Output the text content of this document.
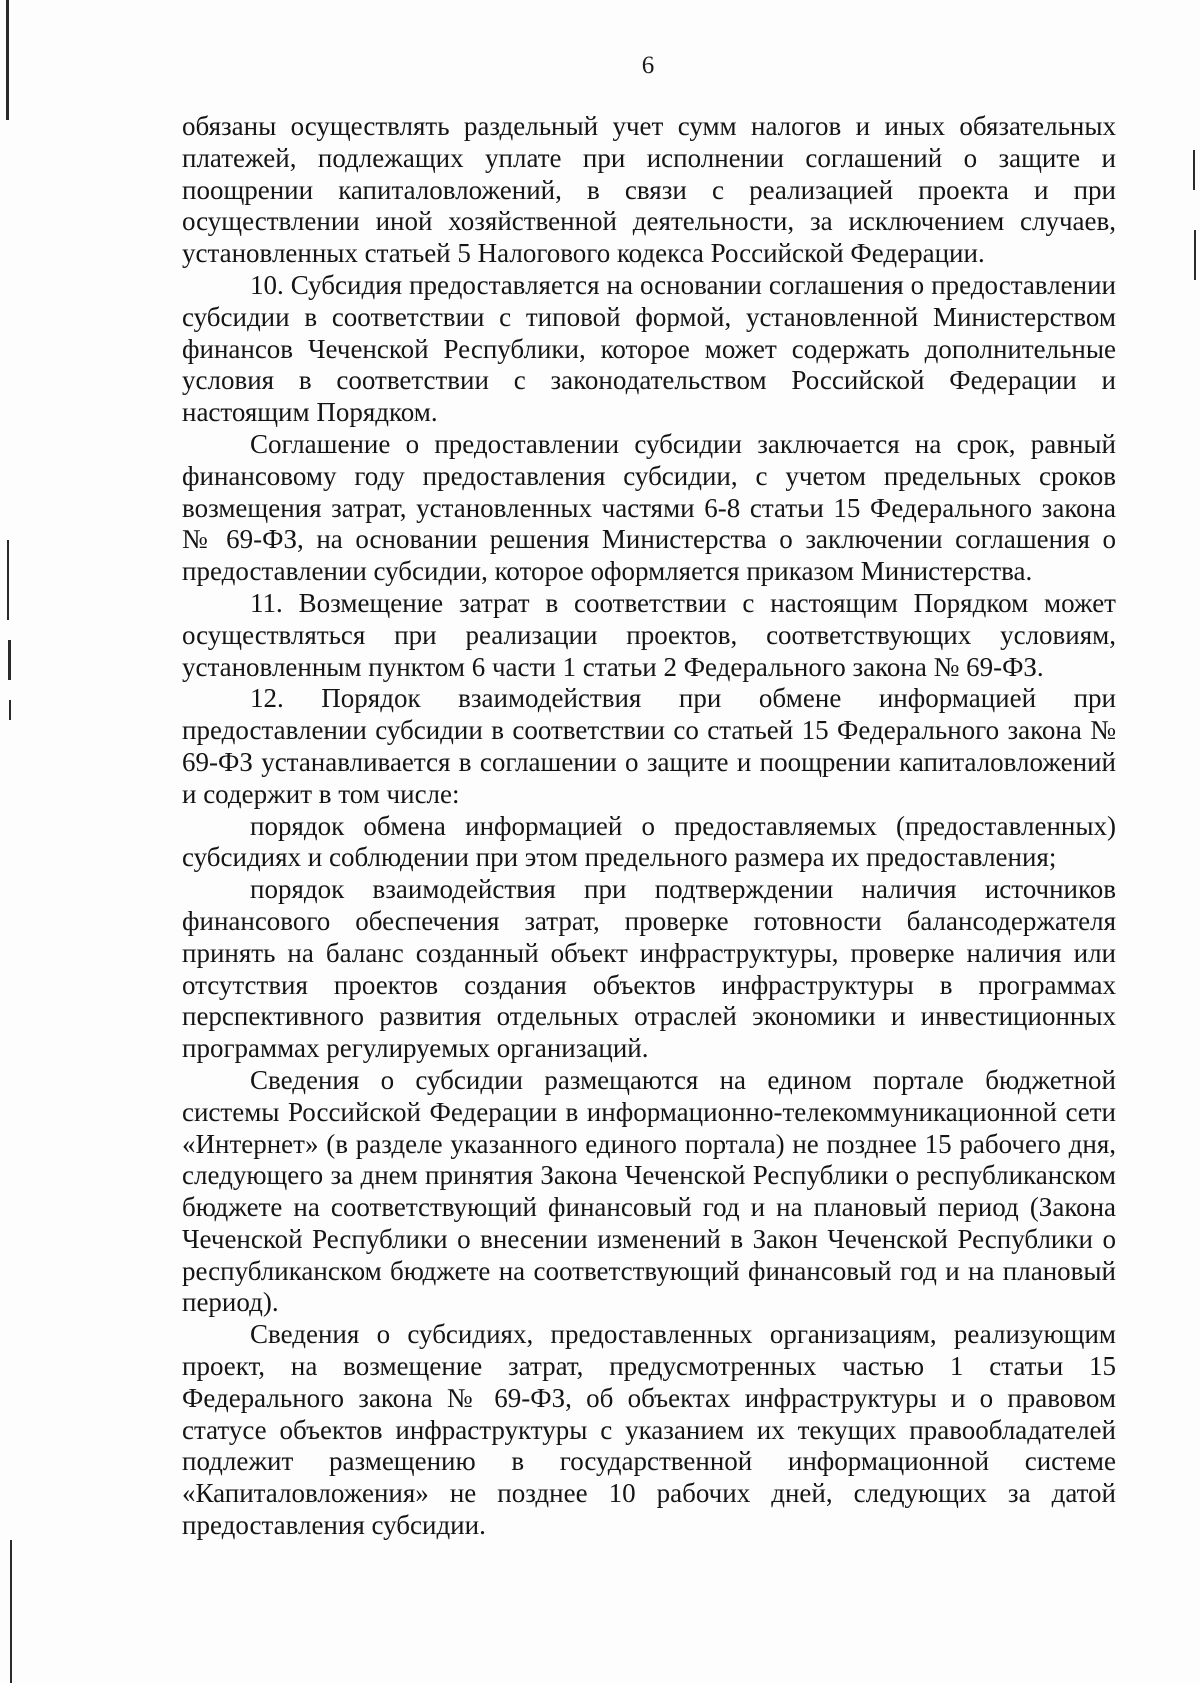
6

обязаны осуществлять раздельный учет сумм налогов и иных обязательных платежей, подлежащих уплате при исполнении соглашений о защите и поощрении капиталовложений, в связи с реализацией проекта и при осуществлении иной хозяйственной деятельности, за исключением случаев, установленных статьей 5 Налогового кодекса Российской Федерации.

10. Субсидия предоставляется на основании соглашения о предоставлении субсидии в соответствии с типовой формой, установленной Министерством финансов Чеченской Республики, которое может содержать дополнительные условия в соответствии с законодательством Российской Федерации и настоящим Порядком.

Соглашение о предоставлении субсидии заключается на срок, равный финансовому году предоставления субсидии, с учетом предельных сроков возмещения затрат, установленных частями 6-8 статьи 15 Федерального закона № 69-ФЗ, на основании решения Министерства о заключении соглашения о предоставлении субсидии, которое оформляется приказом Министерства.

11. Возмещение затрат в соответствии с настоящим Порядком может осуществляться при реализации проектов, соответствующих условиям, установленным пунктом 6 части 1 статьи 2 Федерального закона № 69-ФЗ.

12. Порядок взаимодействия при обмене информацией при предоставлении субсидии в соответствии со статьей 15 Федерального закона № 69-ФЗ устанавливается в соглашении о защите и поощрении капиталовложений и содержит в том числе:

порядок обмена информацией о предоставляемых (предоставленных) субсидиях и соблюдении при этом предельного размера их предоставления;

порядок взаимодействия при подтверждении наличия источников финансового обеспечения затрат, проверке готовности балансодержателя принять на баланс созданный объект инфраструктуры, проверке наличия или отсутствия проектов создания объектов инфраструктуры в программах перспективного развития отдельных отраслей экономики и инвестиционных программах регулируемых организаций.

Сведения о субсидии размещаются на едином портале бюджетной системы Российской Федерации в информационно-телекоммуникационной сети «Интернет» (в разделе указанного единого портала) не позднее 15 рабочего дня, следующего за днем принятия Закона Чеченской Республики о республиканском бюджете на соответствующий финансовый год и на плановый период (Закона Чеченской Республики о внесении изменений в Закон Чеченской Республики о республиканском бюджете на соответствующий финансовый год и на плановый период).

Сведения о субсидиях, предоставленных организациям, реализующим проект, на возмещение затрат, предусмотренных частью 1 статьи 15 Федерального закона № 69-ФЗ, об объектах инфраструктуры и о правовом статусе объектов инфраструктуры с указанием их текущих правообладателей подлежит размещению в государственной информационной системе «Капиталовложения» не позднее 10 рабочих дней, следующих за датой предоставления субсидии.
